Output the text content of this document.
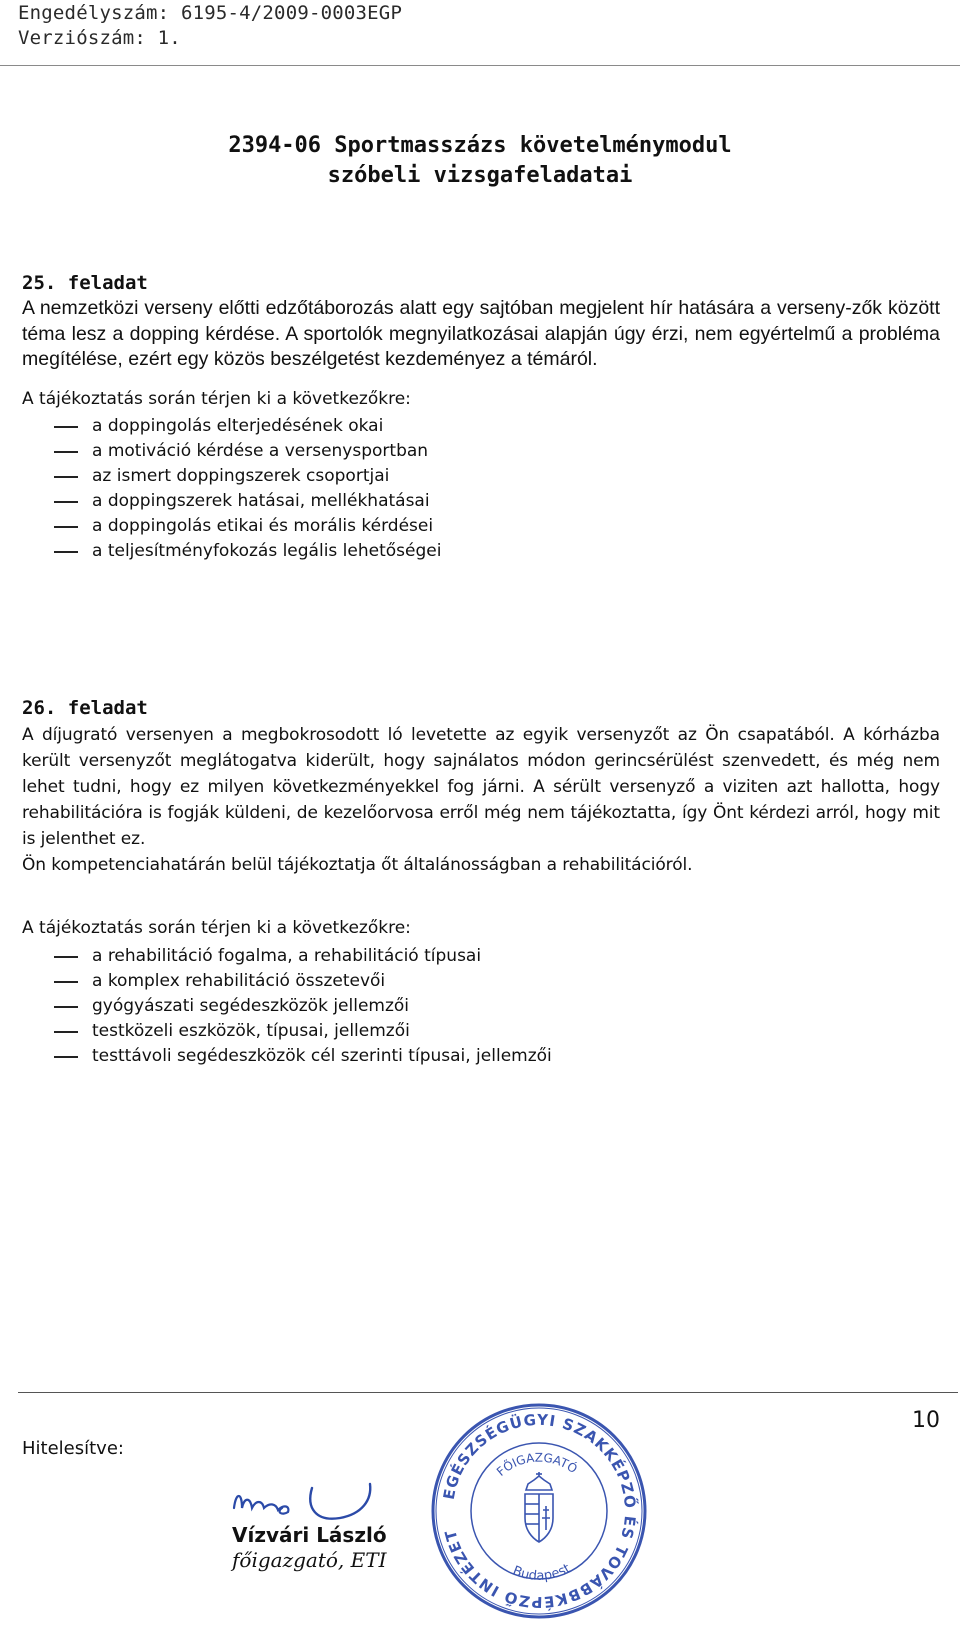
Engedélyszám: 6195-4/2009-0003EGP
Verziószám: 1.
2394-06 Sportmasszázs követelménymodul
szóbeli vizsgafeladatai
25. feladat

A nemzetközi verseny előtti edzőtáborozás alatt egy sajtóban megjelent hír hatására a verseny-zők között téma lesz a dopping kérdése. A sportolók megnyilatkozásai alapján úgy érzi, nem egyértelmű a probléma megítélése, ezért egy közös beszélgetést kezdeményez a témáról.

A tájékoztatás során térjen ki a következőkre:
a doppingolás elterjedésének okai
a motiváció kérdése a versenysportban
az ismert doppingszerek csoportjai
a doppingszerek hatásai, mellékhatásai
a doppingolás etikai és morális kérdései
a teljesítményfokozás legális lehetőségei
26. feladat

A díjugrató versenyen a megbokrosodott ló levetette az egyik versenyzőt az Ön csapatából. A kórházba került versenyzőt meglátogatva kiderült, hogy sajnálatos módon gerincsérülést szenvedett, és még nem lehet tudni, hogy ez milyen következményekkel fog járni. A sérült versenyző a viziten azt hallotta, hogy rehabilitációra is fogják küldeni, de kezelőorvosa erről még nem tájékoztatta, így Önt kérdezi arról, hogy mit is jelenthet ez.

Ön kompetenciahatárán belül tájékoztatja őt általánosságban a rehabilitációról.

A tájékoztatás során térjen ki a következőkre:
a rehabilitáció fogalma, a rehabilitáció típusai
a komplex rehabilitáció összetevői
gyógyászati segédeszközök jellemzői
testközeli eszközök, típusai, jellemzői
testtávoli segédeszközök cél szerinti típusai, jellemzői
10
Hitelesítve:
Vízvári László
főigazgató, ETI
EGÉSZSÉGÜGYI SZAKKÉPZŐ ÉS TOVÁBBKÉPZŐ INTÉZET
FŐIGAZGATÓ
Budapest
